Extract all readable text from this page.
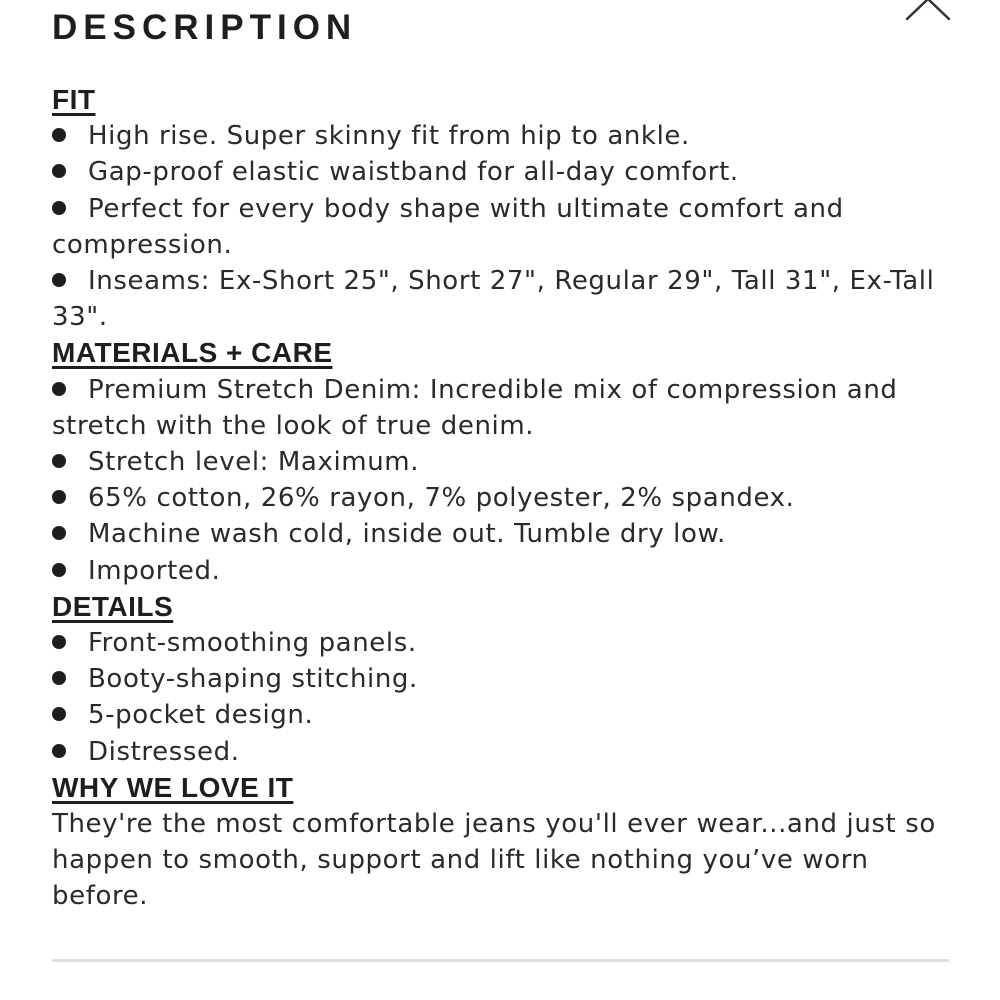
DESCRIPTION
FIT
High rise. Super skinny fit from hip to ankle.
Gap-proof elastic waistband for all-day comfort.
Perfect for every body shape with ultimate comfort and compression.
Inseams: Ex-Short 25", Short 27", Regular 29", Tall 31", Ex-Tall 33".
MATERIALS + CARE
Premium Stretch Denim: Incredible mix of compression and stretch with the look of true denim.
Stretch level: Maximum.
65% cotton, 26% rayon, 7% polyester, 2% spandex.
Machine wash cold, inside out. Tumble dry low.
Imported.
DETAILS
Front-smoothing panels.
Booty-shaping stitching.
5-pocket design.
Distressed.
WHY WE LOVE IT

They're the most comfortable jeans you'll ever wear...and just so happen to smooth, support and lift like nothing you’ve worn before.
